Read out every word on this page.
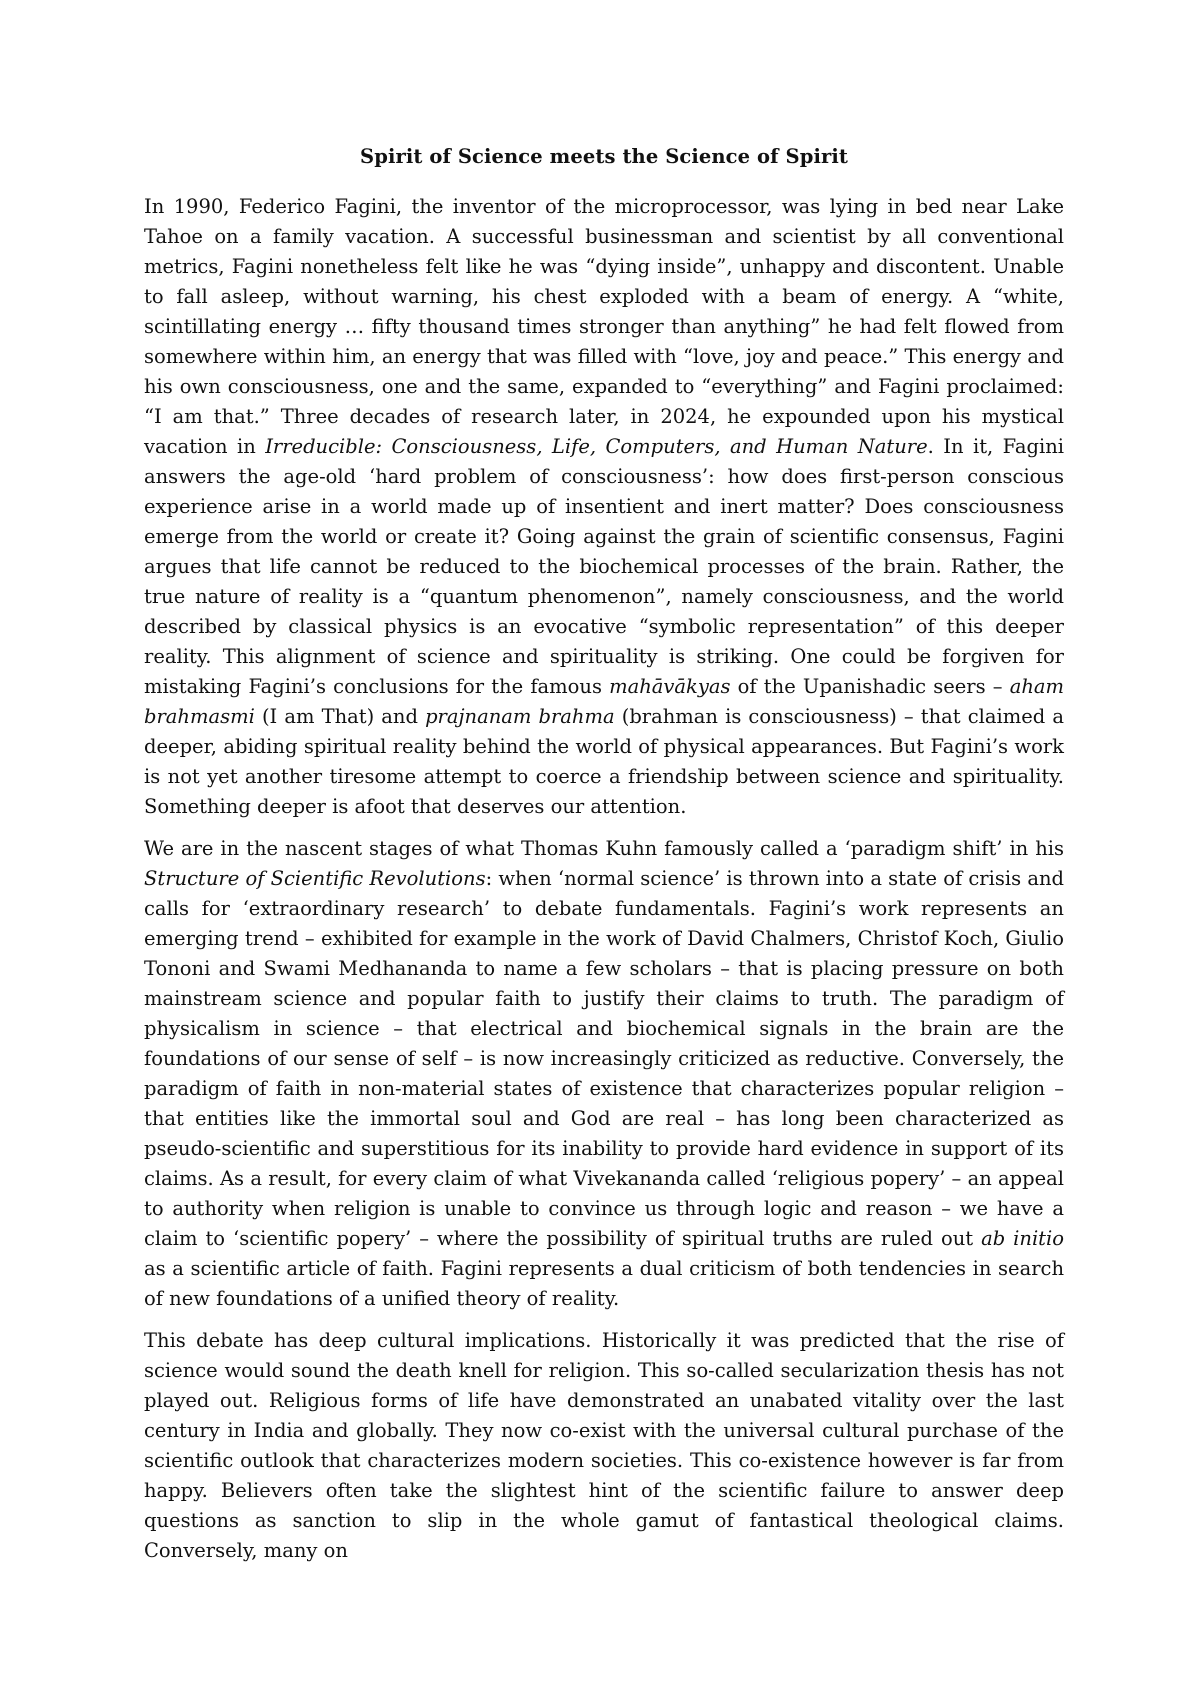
Spirit of Science meets the Science of Spirit

In 1990, Federico Fagini, the inventor of the microprocessor, was lying in bed near Lake Tahoe on a family vacation. A successful businessman and scientist by all conventional metrics, Fagini nonetheless felt like he was “dying inside”, unhappy and discontent. Unable to fall asleep, without warning, his chest exploded with a beam of energy. A “white, scintillating energy … fifty thousand times stronger than anything” he had felt flowed from somewhere within him, an energy that was filled with “love, joy and peace.” This energy and his own consciousness, one and the same, expanded to “everything” and Fagini proclaimed: “I am that.” Three decades of research later, in 2024, he expounded upon his mystical vacation in Irreducible: Consciousness, Life, Computers, and Human Nature. In it, Fagini answers the age-old ‘hard problem of consciousness’: how does first-person conscious experience arise in a world made up of insentient and inert matter? Does consciousness emerge from the world or create it? Going against the grain of scientific consensus, Fagini argues that life cannot be reduced to the biochemical processes of the brain. Rather, the true nature of reality is a “quantum phenomenon”, namely consciousness, and the world described by classical physics is an evocative “symbolic representation” of this deeper reality. This alignment of science and spirituality is striking. One could be forgiven for mistaking Fagini’s conclusions for the famous mahāvākyas of the Upanishadic seers – aham brahmasmi (I am That) and prajnanam brahma (brahman is consciousness) – that claimed a deeper, abiding spiritual reality behind the world of physical appearances. But Fagini’s work is not yet another tiresome attempt to coerce a friendship between science and spirituality. Something deeper is afoot that deserves our attention.

We are in the nascent stages of what Thomas Kuhn famously called a ‘paradigm shift’ in his Structure of Scientific Revolutions: when ‘normal science’ is thrown into a state of crisis and calls for ‘extraordinary research’ to debate fundamentals. Fagini’s work represents an emerging trend – exhibited for example in the work of David Chalmers, Christof Koch, Giulio Tononi and Swami Medhananda to name a few scholars – that is placing pressure on both mainstream science and popular faith to justify their claims to truth. The paradigm of physicalism in science – that electrical and biochemical signals in the brain are the foundations of our sense of self – is now increasingly criticized as reductive. Conversely, the paradigm of faith in non-material states of existence that characterizes popular religion – that entities like the immortal soul and God are real – has long been characterized as pseudo-scientific and superstitious for its inability to provide hard evidence in support of its claims. As a result, for every claim of what Vivekananda called ‘religious popery’ – an appeal to authority when religion is unable to convince us through logic and reason – we have a claim to ‘scientific popery’ – where the possibility of spiritual truths are ruled out ab initio as a scientific article of faith. Fagini represents a dual criticism of both tendencies in search of new foundations of a unified theory of reality.

This debate has deep cultural implications. Historically it was predicted that the rise of science would sound the death knell for religion. This so-called secularization thesis has not played out. Religious forms of life have demonstrated an unabated vitality over the last century in India and globally. They now co-exist with the universal cultural purchase of the scientific outlook that characterizes modern societies. This co-existence however is far from happy. Believers often take the slightest hint of the scientific failure to answer deep questions as sanction to slip in the whole gamut of fantastical theological claims. Conversely, many on
